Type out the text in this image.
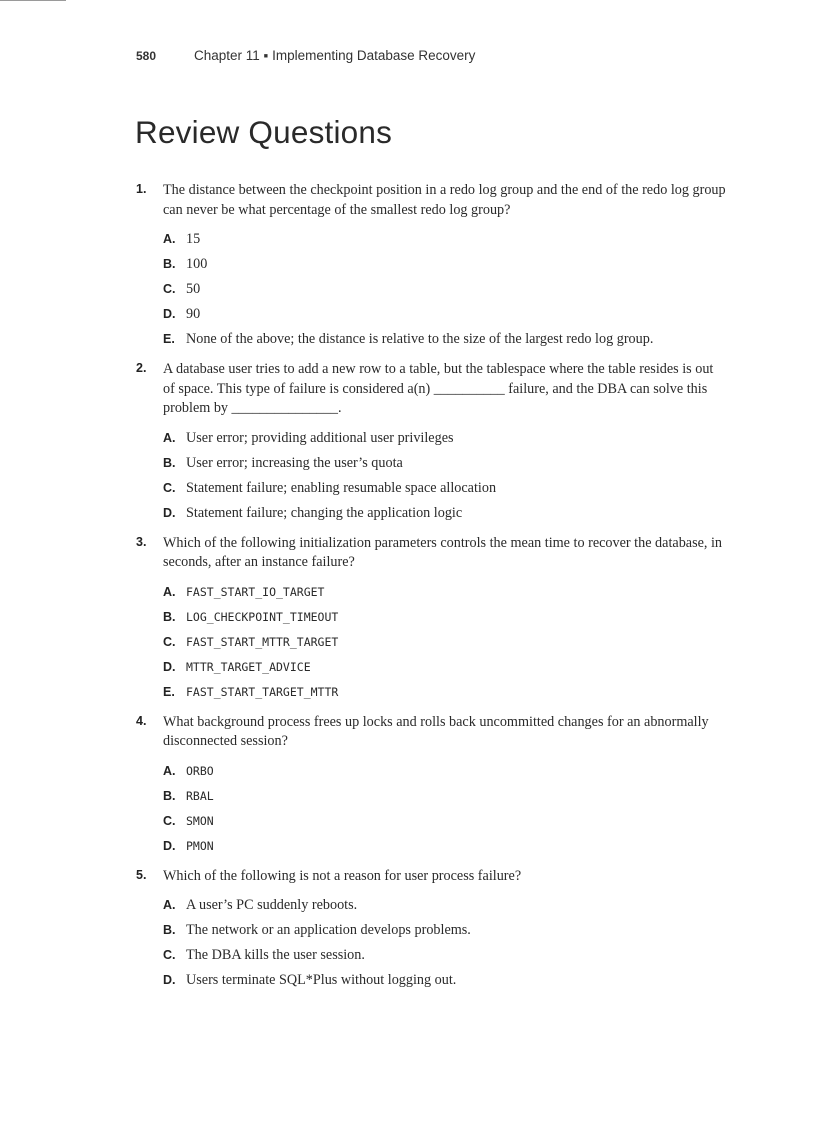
580	Chapter 11 ▪ Implementing Database Recovery
Review Questions
1. The distance between the checkpoint position in a redo log group and the end of the redo log group can never be what percentage of the smallest redo log group?
A. 15
B. 100
C. 50
D. 90
E. None of the above; the distance is relative to the size of the largest redo log group.
2. A database user tries to add a new row to a table, but the tablespace where the table resides is out of space. This type of failure is considered a(n) __________ failure, and the DBA can solve this problem by _______________.
A. User error; providing additional user privileges
B. User error; increasing the user’s quota
C. Statement failure; enabling resumable space allocation
D. Statement failure; changing the application logic
3. Which of the following initialization parameters controls the mean time to recover the database, in seconds, after an instance failure?
A. FAST_START_IO_TARGET
B. LOG_CHECKPOINT_TIMEOUT
C. FAST_START_MTTR_TARGET
D. MTTR_TARGET_ADVICE
E. FAST_START_TARGET_MTTR
4. What background process frees up locks and rolls back uncommitted changes for an abnormally disconnected session?
A. ORBO
B. RBAL
C. SMON
D. PMON
5. Which of the following is not a reason for user process failure?
A. A user’s PC suddenly reboots.
B. The network or an application develops problems.
C. The DBA kills the user session.
D. Users terminate SQL*Plus without logging out.
